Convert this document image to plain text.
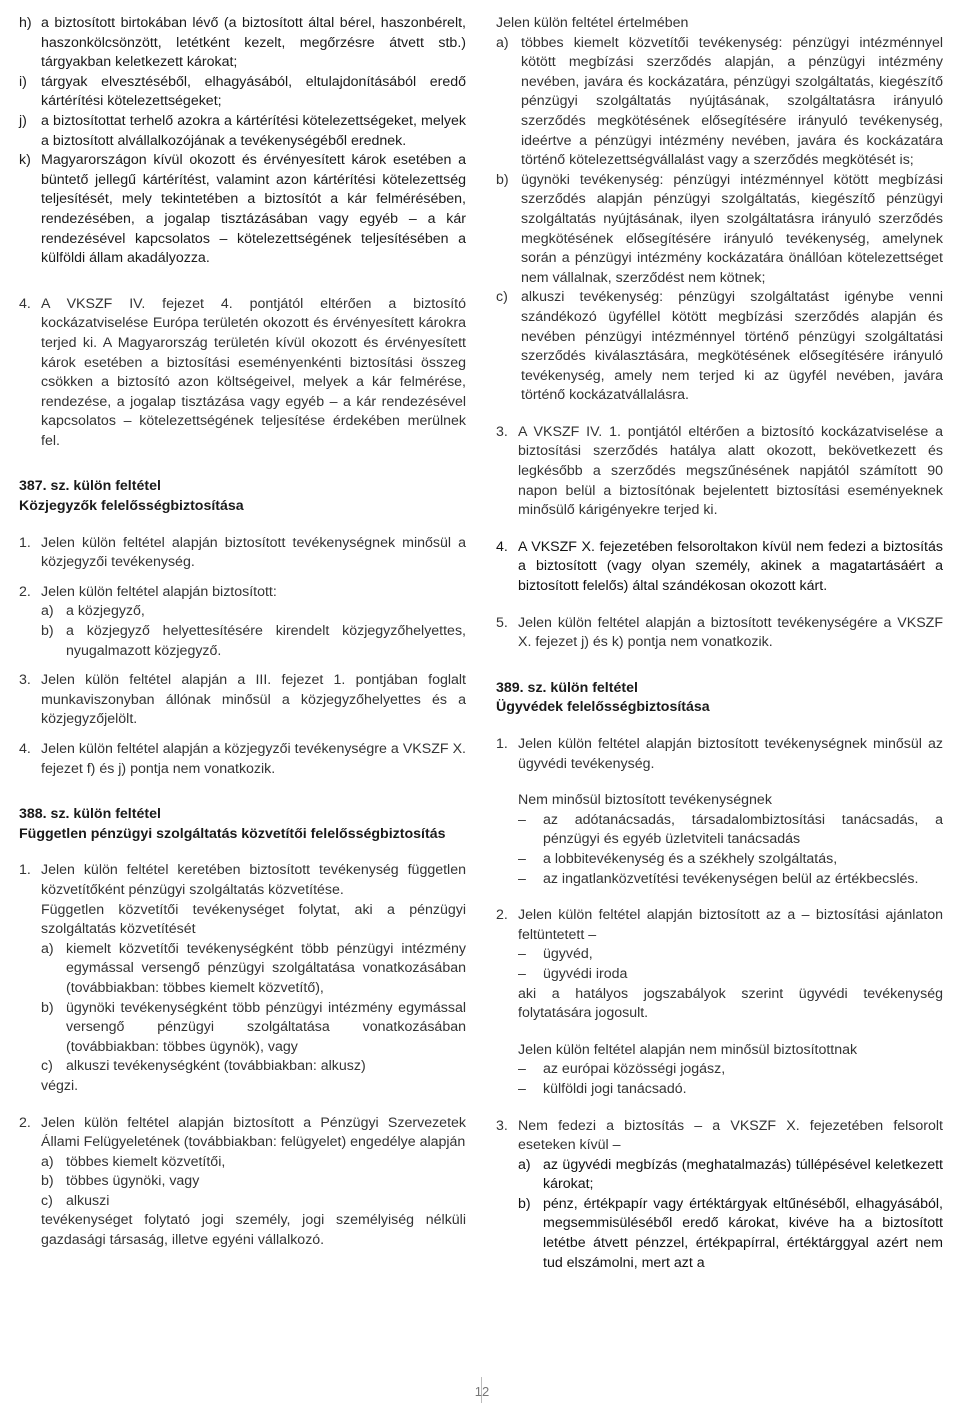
h) a biztosított birtokában lévő (a biztosított által bérel, haszonbérelt, haszonkölcsönzött, letétként kezelt, megőrzésre átvett stb.) tárgyakban keletkezett károkat;
i) tárgyak elvesztéséből, elhagyásából, eltulajdonításából eredő kártérítési kötelezettségeket;
j) a biztosítottat terhelő azokra a kártérítési kötelezettségeket, melyek a biztosított alvállalkozójának a tevékenységéből erednek.
k) Magyarországon kívül okozott és érvényesített károk esetében a büntető jellegű kártérítést, valamint azon kártérítési kötelezettség teljesítését, mely tekintetében a biztosítót a kár felmérésében, rendezésében, a jogalap tisztázásában vagy egyéb – a kár rendezésével kapcsolatos – kötelezettségének teljesítésében a külföldi állam akadályozza.
4. A VKSZF IV. fejezet 4. pontjától eltérően a biztosító kockázatviselése Európa területén okozott és érvényesített károkra terjed ki. A Magyarország területén kívül okozott és érvényesített károk esetében a biztosítási eseményenkénti biztosítási összeg csökken a biztosító azon költségeivel, melyek a kár felmérése, rendezése, a jogalap tisztázása vagy egyéb – a kár rendezésével kapcsolatos – kötelezettségének teljesítése érdekében merülnek fel.

387. sz. külön feltétel

Közjegyzők felelősségbiztosítása

1. Jelen külön feltétel alapján biztosított tevékenységnek minősül a közjegyzői tevékenység.
2. Jelen külön feltétel alapján biztosított:
a) a közjegyző,
b) a közjegyző helyettesítésére kirendelt közjegyzőhelyettes, nyugalmazott közjegyző.
3. Jelen külön feltétel alapján a III. fejezet 1. pontjában foglalt munkaviszonyban állónak minősül a közjegyzőhelyettes és a közjegyzőjelölt.
4. Jelen külön feltétel alapján a közjegyzői tevékenységre a VKSZF X. fejezet f) és j) pontja nem vonatkozik.

388. sz. külön feltétel

Független pénzügyi szolgáltatás közvetítői felelősségbiztosítás

1. Jelen külön feltétel keretében biztosított tevékenység független közvetítőként pénzügyi szolgáltatás közvetítése.

Független közvetítői tevékenységet folytat, aki a pénzügyi szolgáltatás közvetítését

a) kiemelt közvetítői tevékenységként több pénzügyi intézmény egymással versengő pénzügyi szolgáltatása vonatkozásában (továbbiakban: többes kiemelt közvetítő),
b) ügynöki tevékenységként több pénzügyi intézmény egymással versengő pénzügyi szolgáltatása vonatkozásában (továbbiakban: többes ügynök), vagy
c) alkuszi tevékenységként (továbbiakban: alkusz)

végzi.

2. Jelen külön feltétel alapján biztosított a Pénzügyi Szervezetek Állami Felügyeletének (továbbiakban: felügyelet) engedélye alapján
a) többes kiemelt közvetítői,
b) többes ügynöki, vagy
c) alkuszi

tevékenységet folytató jogi személy, jogi személyiség nélküli gazdasági társaság, illetve egyéni vállalkozó.

Jelen külön feltétel értelmében

a) többes kiemelt közvetítői tevékenység: pénzügyi intézménnyel kötött megbízási szerződés alapján, a pénzügyi intézmény nevében, javára és kockázatára, pénzügyi szolgáltatás, kiegészítő pénzügyi szolgáltatás nyújtásának, szolgáltatásra irányuló szerződés megkötésének elősegítésére irányuló tevékenység, ideértve a pénzügyi intézmény nevében, javára és kockázatára történő kötelezettségvállalást vagy a szerződés megkötését is;
b) ügynöki tevékenység: pénzügyi intézménnyel kötött megbízási szerződés alapján pénzügyi szolgáltatás, kiegészítő pénzügyi szolgáltatás nyújtásának, ilyen szolgáltatásra irányuló szerződés megkötésének elősegítésére irányuló tevékenység, amelynek során a pénzügyi intézmény kockázatára önállóan kötelezettséget nem vállalnak, szerződést nem kötnek;
c) alkuszi tevékenység: pénzügyi szolgáltatást igénybe venni szándékozó ügyféllel kötött megbízási szerződés alapján és nevében pénzügyi intézménnyel történő pénzügyi szolgáltatási szerződés kiválasztására, megkötésének elősegítésére irányuló tevékenység, amely nem terjed ki az ügyfél nevében, javára történő kockázatvállalásra.
3. A VKSZF IV. 1. pontjától eltérően a biztosító kockázatviselése a biztosítási szerződés hatálya alatt okozott, bekövetkezett és legkésőbb a szerződés megszűnésének napjától számított 90 napon belül a biztosítónak bejelentett biztosítási eseményeknek minősülő kárigényekre terjed ki.
4. A VKSZF X. fejezetében felsoroltakon kívül nem fedezi a biztosítás a biztosított (vagy olyan személy, akinek a magatartásáért a biztosított felelős) által szándékosan okozott kárt.
5. Jelen külön feltétel alapján a biztosított tevékenységére a VKSZF X. fejezet j) és k) pontja nem vonatkozik.

389. sz. külön feltétel

Ügyvédek felelősségbiztosítása

1. Jelen külön feltétel alapján biztosított tevékenységnek minősül az ügyvédi tevékenység.

Nem minősül biztosított tevékenységnek

–	az adótanácsadás, társadalombiztosítási tanácsadás, a pénzügyi és egyéb üzletviteli tanácsadás
–	a lobbitevékenység és a székhely szolgáltatás,
–	az ingatlanközvetítési tevékenységen belül az értékbecslés.
2. Jelen külön feltétel alapján biztosított az a – biztosítási ajánlaton feltüntetett –
–	ügyvéd,
–	ügyvédi iroda

aki a hatályos jogszabályok szerint ügyvédi tevékenység folytatására jogosult.

Jelen külön feltétel alapján nem minősül biztosítottnak

–	az európai közösségi jogász,
–	külföldi jogi tanácsadó.
3. Nem fedezi a biztosítás – a VKSZF X. fejezetében felsorolt eseteken kívül –
a) az ügyvédi megbízás (meghatalmazás) túllépésével keletkezett károkat;
b) pénz, értékpapír vagy értéktárgyak eltűnéséből, elhagyásából, megsemmisüléséből eredő károkat, kivéve ha a biztosított letétbe átvett pénzzel, értékpapírral, értéktárggyal azért nem tud elszámolni, mert azt a
12
